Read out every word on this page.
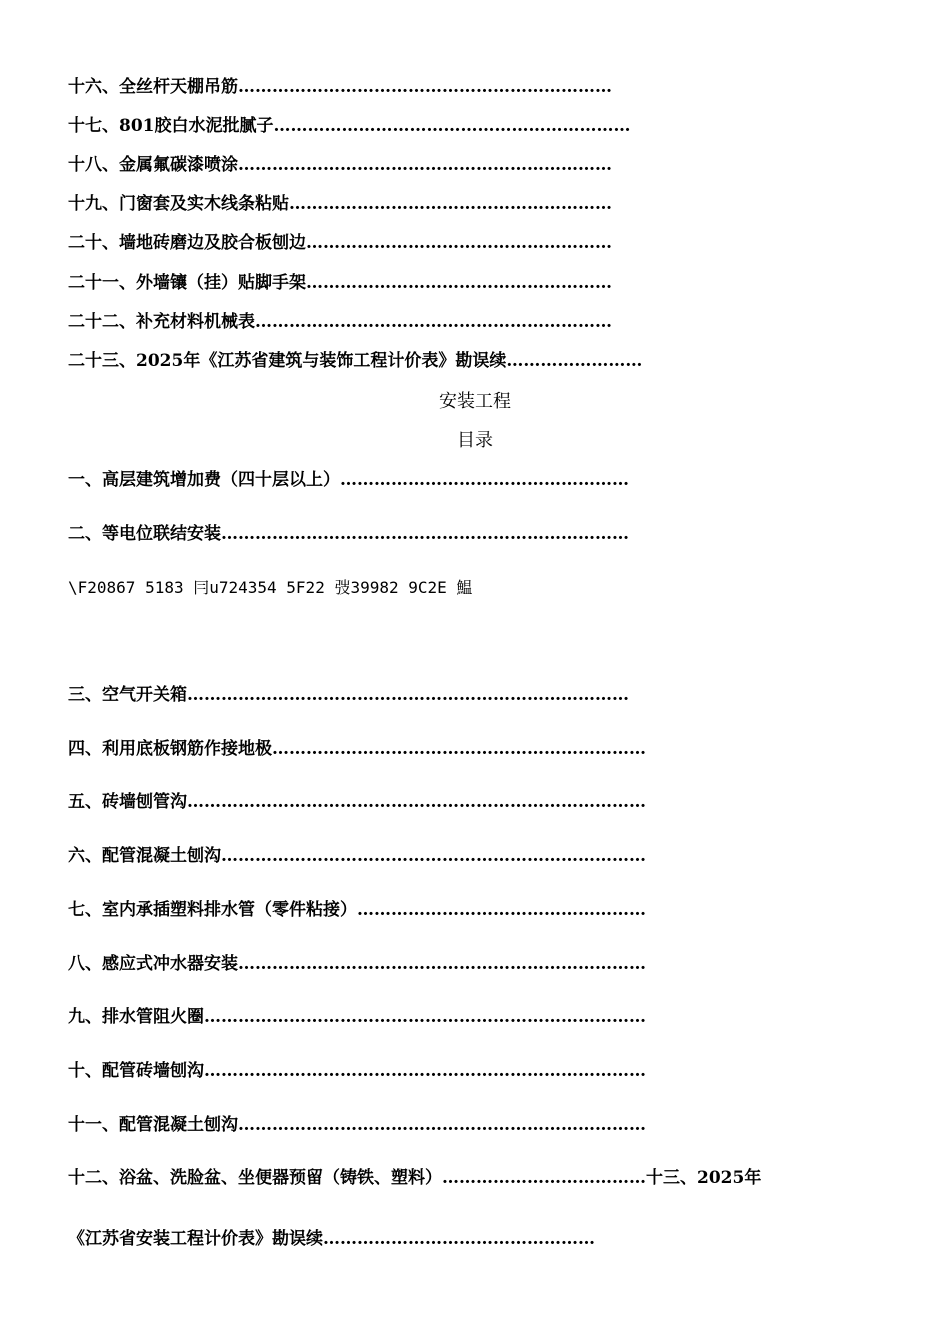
十六、全丝杆天棚吊筋…………………………………………………………
十七、801胶白水泥批腻子………………………………………………………
十八、金属氟碳漆喷涂…………………………………………………………
十九、门窗套及实木线条粘贴…………………………………………………
二十、墙地砖磨边及胶合板刨边………………………………………………
二十一、外墙镶（挂）贴脚手架………………………………………………
二十二、补充材料机械表………………………………………………………
二十三、2025年《江苏省建筑与装饰工程计价表》勘误续……………………
安装工程
目录
一、高层建筑增加费（四十层以上）……………………………………………
二、等电位联结安装………………………………………………………………
\F20867 5183 冃u724354 5F22 弢39982 9C2E 鰛
三、空气开关箱……………………………………………………………………
四、利用底板钢筋作接地极…………………………………………………………
五、砖墙刨管沟………………………………………………………………………
六、配管混凝土刨沟…………………………………………………………………
七、室内承插塑料排水管（零件粘接）……………………………………………
八、感应式冲水器安装………………………………………………………………
九、排水管阻火圈……………………………………………………………………
十、配管砖墙刨沟……………………………………………………………………
十一、配管混凝土刨沟………………………………………………………………
十二、浴盆、洗脸盆、坐便器预留（铸铁、塑料）………………………………十三、2025年
《江苏省安装工程计价表》勘误续…………………………………………
